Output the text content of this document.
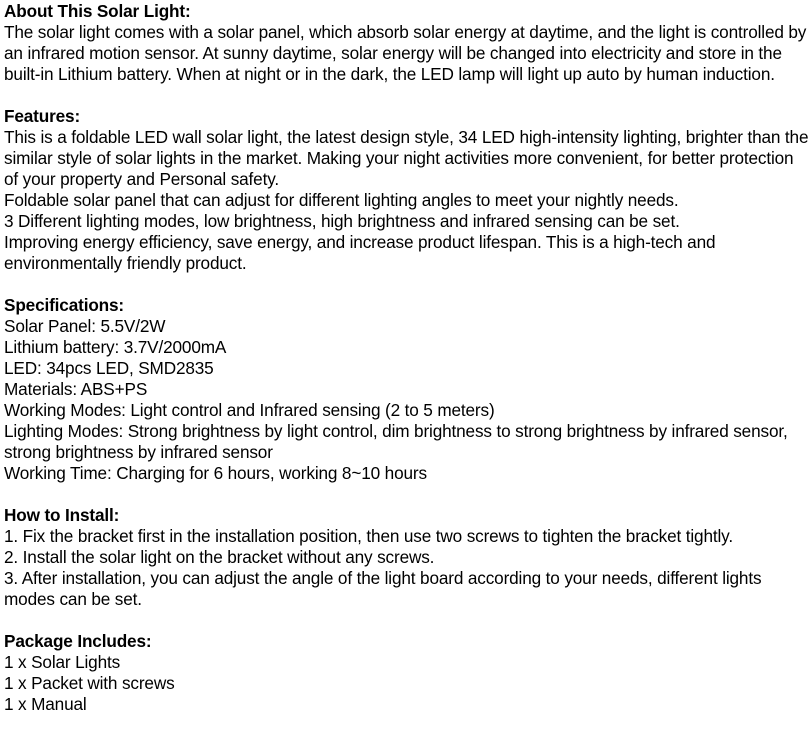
About This Solar Light:
The solar light comes with a solar panel, which absorb solar energy at daytime, and the light is controlled by an infrared motion sensor. At sunny daytime, solar energy will be changed into electricity and store in the built-in Lithium battery. When at night or in the dark, the LED lamp will light up auto by human induction.
Features:
This is a foldable LED wall solar light, the latest design style, 34 LED high-intensity lighting, brighter than the similar style of solar lights in the market. Making your night activities more convenient, for better protection of your property and Personal safety.
Foldable solar panel that can adjust for different lighting angles to meet your nightly needs.
3 Different lighting modes, low brightness, high brightness and infrared sensing can be set.
Improving energy efficiency, save energy, and increase product lifespan. This is a high-tech and environmentally friendly product.
Specifications:
Solar Panel: 5.5V/2W
Lithium battery: 3.7V/2000mA
LED: 34pcs LED, SMD2835
Materials: ABS+PS
Working Modes: Light control and Infrared sensing (2 to 5 meters)
Lighting Modes: Strong brightness by light control, dim brightness to strong brightness by infrared sensor, strong brightness by infrared sensor
Working Time: Charging for 6 hours, working 8~10 hours
How to Install:
1. Fix the bracket first in the installation position, then use two screws to tighten the bracket tightly.
2. Install the solar light on the bracket without any screws.
3. After installation, you can adjust the angle of the light board according to your needs, different lights modes can be set.
Package Includes:
1 x Solar Lights
1 x Packet with screws
1 x Manual
